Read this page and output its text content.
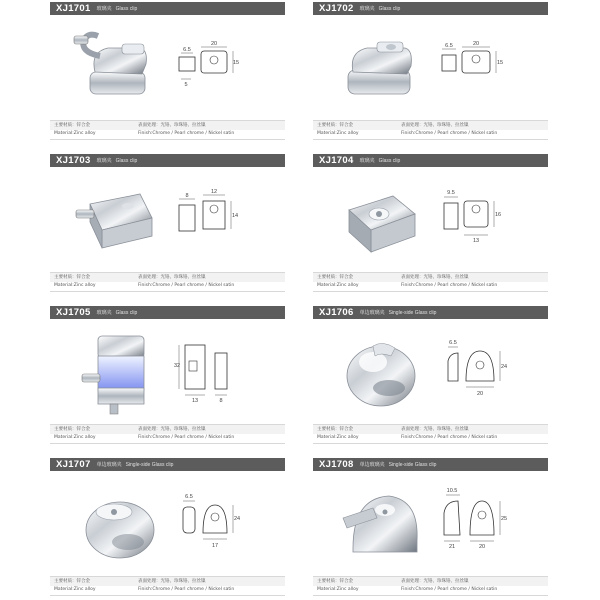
XJ1701 玻璃夹 Glass clip
6.5
20
15
5
主要材质：锌合金	表面处理：光铬、珍珠铬、拉丝镍
Material:Zinc alloy	Finish:Chrome / Pearl chrome / Nickel satin
XJ1702 玻璃夹 Glass clip
6.5	20
15
主要材质：锌合金	表面处理：光铬、珍珠铬、拉丝镍
Material:Zinc alloy	Finish:Chrome / Pearl chrome / Nickel satin
XJ1703 玻璃夹 Glass clip
8
12
14
主要材质：锌合金	表面处理：光铬、珍珠铬、拉丝镍
Material:Zinc alloy	Finish:Chrome / Pearl chrome / Nickel satin
XJ1704 玻璃夹 Glass clip
9.5
16
13
主要材质：锌合金	表面处理：光铬、珍珠铬、拉丝镍
Material:Zinc alloy	Finish:Chrome / Pearl chrome / Nickel satin
XJ1705 玻璃夹 Glass clip
32
13	8
主要材质：锌合金	表面处理：光铬、珍珠铬、拉丝镍
Material:Zinc alloy	Finish:Chrome / Pearl chrome / Nickel satin
XJ1706 单边玻璃夹 Single-side Glass clip
6.5
24
20
主要材质：锌合金	表面处理：光铬、珍珠铬、拉丝镍
Material:Zinc alloy	Finish:Chrome / Pearl chrome / Nickel satin
XJ1707 单边玻璃夹 Single-side Glass clip
6.5
24
17
主要材质：锌合金	表面处理：光铬、珍珠铬、拉丝镍
Material:Zinc alloy	Finish:Chrome / Pearl chrome / Nickel satin
XJ1708 单边玻璃夹 Single-side Glass clip
10.5
25
21	20
主要材质：锌合金	表面处理：光铬、珍珠铬、拉丝镍
Material:Zinc alloy	Finish:Chrome / Pearl chrome / Nickel satin
